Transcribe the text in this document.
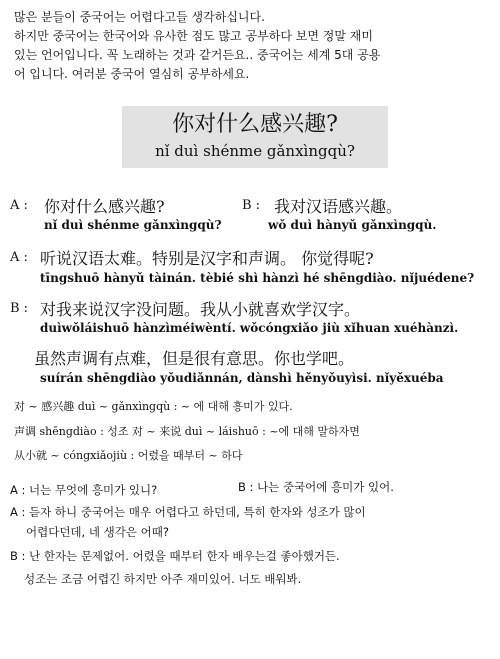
많은 분들이 중국어는 어렵다고들 생각하십니다.

하지만 중국어는 한국어와 유사한 점도 많고 공부하다 보면 정말 재미

있는 언어입니다. 꼭 노래하는 것과 같거든요.. 중국어는 세계 5대 공용

어 입니다. 여러분 중국어 열심히 공부하세요.

你对什么感兴趣?
nǐ duì shénme gǎnxìngqù?
A : 你对什么感兴趣?
nǐ duì shénme gǎnxìngqù?
B : 我对汉语感兴趣。
wǒ duì hànyǔ gǎnxìngqù.
A : 听说汉语太难。特别是汉字和声调。 你觉得呢?
tīngshuō hànyǔ tàinán. tèbié shì hànzì hé shēngdiào. nǐjuédene?
B : 对我来说汉字没问题。我从小就喜欢学汉字。
duìwǒláishuō hànzìméiwèntí. wǒcóngxiǎo jiù xǐhuan xuéhànzì.
虽然声调有点难，但是很有意思。你也学吧。
suírán shēngdiào yǒudiǎnnán, dànshì hěnyǒuyìsi. nǐyěxuéba
对 ~ 感兴趣 duì ~ gǎnxìngqù : ~ 에 대해 흥미가 있다.
声调 shēngdiào : 성조 对 ~ 来说 duì ~ láishuō : ~에 대해 말하자면
从小就 ~ cóngxiǎojiù : 어렸을 때부터 ~ 하다
A : 너는 무엇에 흥미가 있니?	B : 나는 중국어에 흥미가 있어.
A : 듣자 하니 중국어는 매우 어렵다고 하던데, 특히 한자와 성조가 많이
어렵다던데, 네 생각은 어때?
B : 난 한자는 문제없어. 어렸을 때부터 한자 배우는걸 좋아했거든.
성조는 조금 어렵긴 하지만 아주 재미있어. 너도 배워봐.
